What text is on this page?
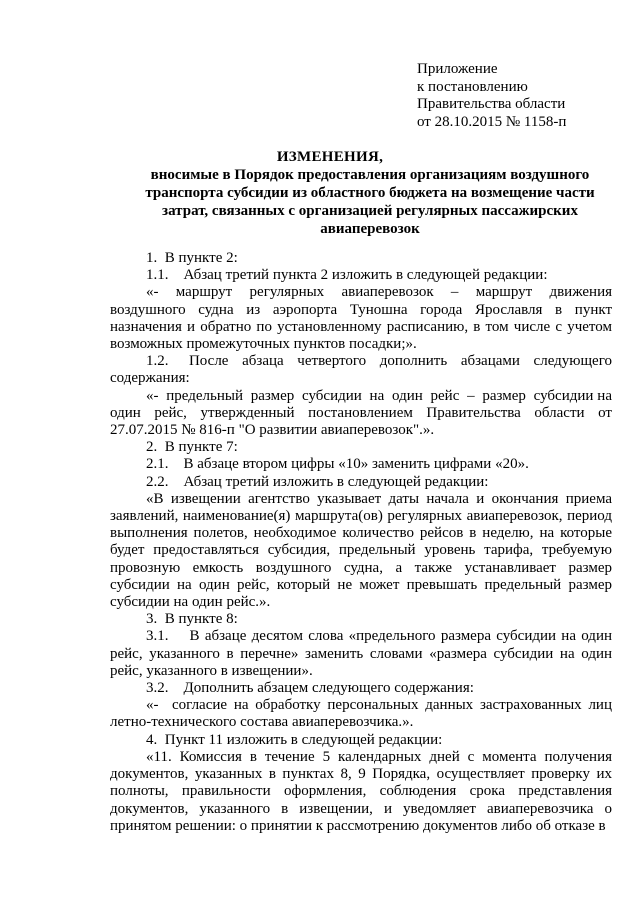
Приложение
к постановлению
Правительства области
от 28.10.2015 № 1158-п
ИЗМЕНЕНИЯ,
вносимые в Порядок предоставления организациям воздушного транспорта субсидии из областного бюджета на возмещение части затрат, связанных с организацией регулярных пассажирских авиаперевозок

1.  В пункте 2:

1.1.    Абзац третий пункта 2 изложить в следующей редакции:

«-   маршрут   регулярных   авиаперевозок   –   маршрут   движения воздушного  судна  из  аэропорта  Туношна  города  Ярославля  в  пункт назначения и обратно по установленному расписанию, в том числе с учетом возможных промежуточных пунктов посадки;».

1.2.   После  абзаца  четвертого  дополнить  абзацами  следующего содержания:

«-  предельный  размер  субсидии  на  один  рейс  –  размер  субсидии на один рейс, утвержденный постановлением Правительства области от 27.07.2015 № 816-п "О развитии авиаперевозок".».

2.  В пункте 7:

2.1.    В абзаце втором цифры «10» заменить цифрами «20».

2.2.    Абзац третий изложить в следующей редакции:

«В извещении агентство указывает даты начала и окончания приема заявлений, наименование(я) маршрута(ов) регулярных авиаперевозок, период выполнения полетов, необходимое количество рейсов в неделю, на которые будет предоставляться субсидия, предельный уровень тарифа, требуемую провозную емкость воздушного судна, а также устанавливает размер субсидии на один рейс, который не может превышать предельный размер субсидии на один рейс.».

3.  В пункте 8:

3.1.    В абзаце десятом слова «предельного размера субсидии на один рейс, указанного в перечне» заменить словами «размера субсидии на один рейс, указанного в извещении».

3.2.    Дополнить абзацем следующего содержания:

«-  согласие на обработку персональных данных застрахованных лиц летно-технического состава авиаперевозчика.».

4.  Пункт 11 изложить в следующей редакции:

«11. Комиссия в течение 5 календарных дней с момента получения документов, указанных в пунктах 8, 9 Порядка, осуществляет проверку их полноты, правильности оформления, соблюдения срока представления документов, указанного в извещении, и уведомляет авиаперевозчика о принятом решении: о принятии к рассмотрению документов либо об отказе в
